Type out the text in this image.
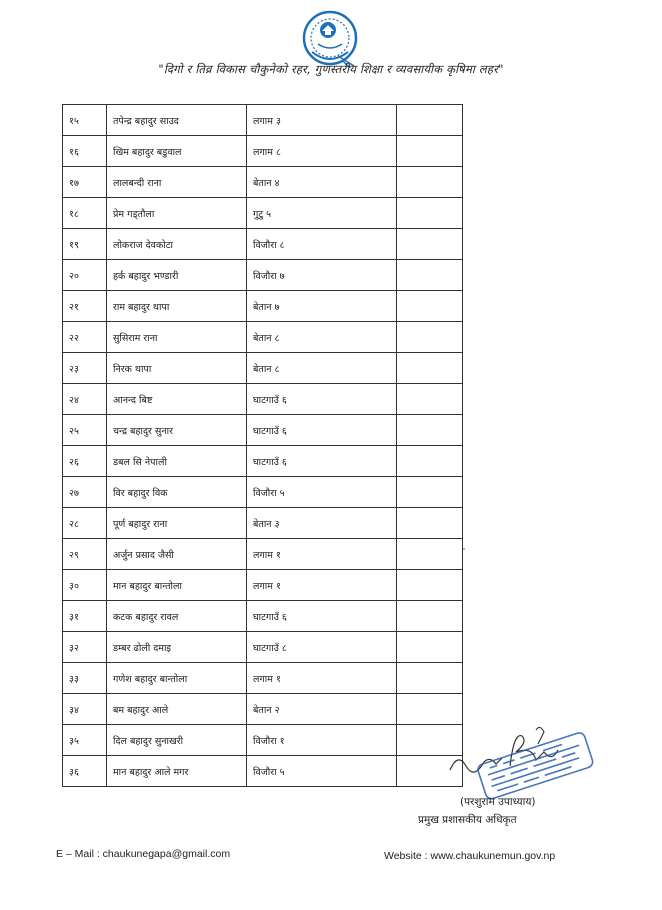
"दिगो र तिव्र विकास चौकुनेको रहर, गुणस्तरीय शिक्षा र व्यवसायीक कृषिमा लहर"
१५	तपेन्द्र बहादुर साउद	लगाम ३	
१६	खिम बहादुर बडुवाल	लगाम ८	
१७	लालबन्दी राना	बेतान ४	
१८	प्रेम गड्तौला	गुटु ५	
१९	लोकराज देवकोटा	विजौरा ८	
२०	हर्क बहादुर भण्डारी	विजौरा ७	
२१	राम बहादुर थापा	बेतान ७	
२२	सुसिराम राना	बेतान ८	
२३	निरक थापा	बेतान ८	
२४	आनन्द बिष्ट	घाटगाउँ ६	
२५	चन्द्र बहादुर सुनार	घाटगाउँ ६	
२६	डबल सि नेपाली	घाटगाउँ ६	
२७	विर बहादुर विक	विजौरा ५	
२८	पूर्ण बहादुर राना	बेतान ३	
२९	अर्जुन प्रसाद जैसी	लगाम १	
३०	मान बहादुर बान्तोला	लगाम १	
३१	कटक बहादुर रावल	घाटगाउँ ६	
३२	डम्बर ढोली दमाइ	घाटगाउँ ८	
३३	गणेश बहादुर बान्तोला	लगाम १	
३४	बम बहादुर आले	बेतान २	
३५	दिल बहादुर सुनाखरी	विजौरा १	
३६	मान बहादुर आले मगर	विजौरा ५	
(परशुराम उपाध्याय)
प्रमुख प्रशासकीय अधिकृत
E – Mail : chaukunegapa@gmail.com	Website : www.chaukunemun.gov.np
